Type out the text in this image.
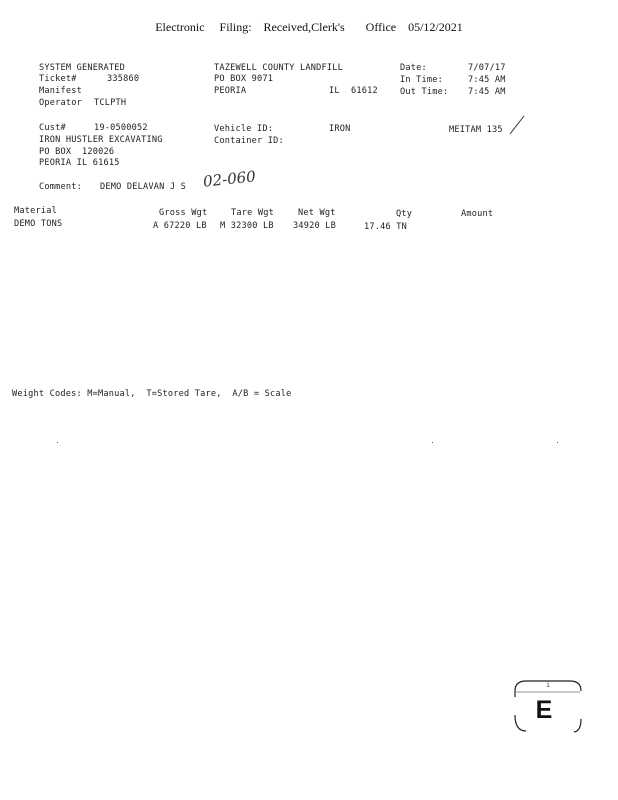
Electronic     Filing:    Received,Clerk's       Office    05/12/2021
SYSTEM GENERATED
Ticket#	335860
Manifest
Operator TCLPTH
TAZEWELL COUNTY LANDFILL
PO BOX 9071
PEORIA	IL 61612
Date:	7/07/17
In Time:	7:45 AM
Out Time: 7:45 AM
Cust#	19-0500052
IRON HUSTLER EXCAVATING
PO BOX  120026
PEORIA IL 61615
Vehicle ID:	IRON
Container ID:
MEITAM 135
Comment: DEMO DELAVAN J S 02-060
Material	Gross Wgt	Tare Wgt	Net Wgt	Qty	Amount
DEMO TONS	A 67220 LB M 32300 LB 34920 LB	17.46 TN
Weight Codes: M=Manual,  T=Stored Tare,  A/B = Scale
1
E
